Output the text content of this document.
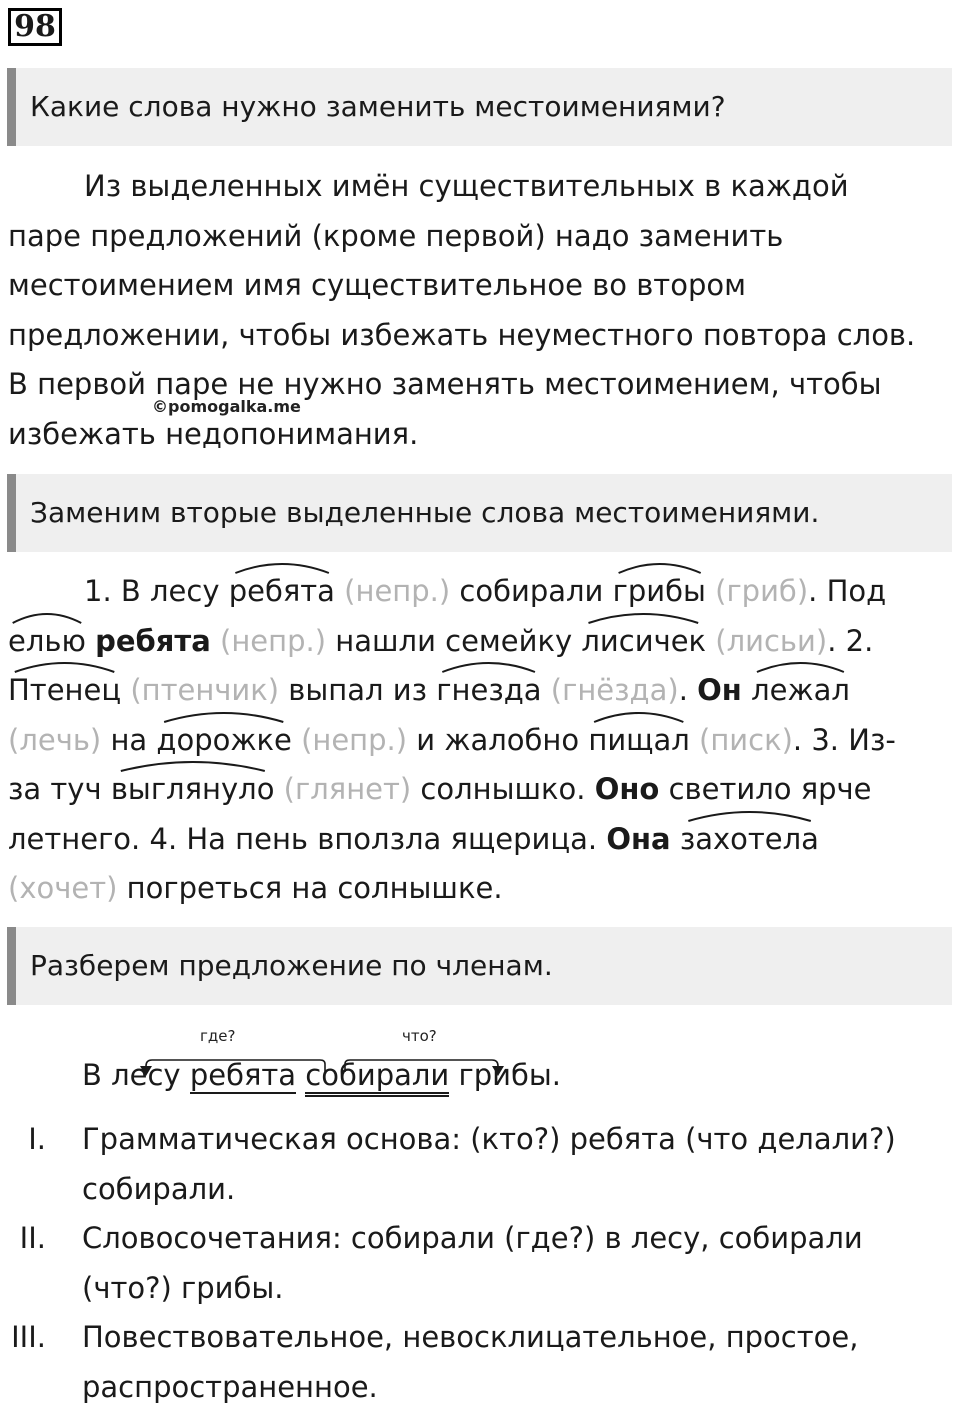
98
Какие слова нужно заменить местоимениями?
Из выделенных имён существительных в каждой
паре предложений (кроме первой) надо заменить
местоимением имя существительное во втором
предложении, чтобы избежать неуместного повтора слов.
В первой паре не нужно заменять местоимением, чтобы
избежать недопонимания.
©pomogalka.me
Заменим вторые выделенные слова местоимениями.
1. В лесу ребята (непр.) собирали грибы (гриб). Под
елью ребята (непр.) нашли семейку лисичек (лисьи). 2.
Птенец (птенчик) выпал из гнезда (гнёзда). Он лежал
(лечь) на дорожке (непр.) и жалобно пищал (писк). 3. Из-
за туч выглянуло (глянет) солнышко. Оно светило ярче
летнего. 4. На пень вползла ящерица. Она захотела
(хочет) погреться на солнышке.
Разберем предложение по членам.
где?	что?
В лесу ребята собирали грибы.
I. Грамматическая основа: (кто?) ребята (что делали?)
собирали.
II. Словосочетания: собирали (где?) в лесу, собирали
(что?) грибы.
III. Повествовательное, невосклицательное, простое,
распространенное.
